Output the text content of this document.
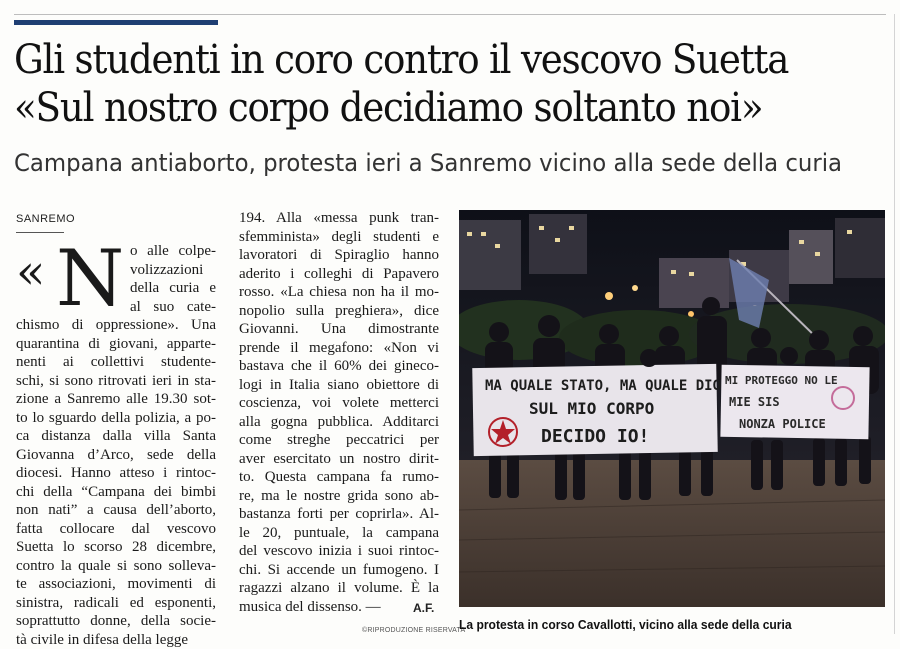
Gli studenti in coro contro il vescovo Suetta
«Sul nostro corpo decidiamo soltanto noi»
Campana antiaborto, protesta ieri a Sanremo vicino alla sede della curia
SANREMO
« N o alle colpe-
volizzazioni
della curia e
al suo cate-
chismo di oppressione». Una
quarantina di giovani, apparte-
nenti ai collettivi studente-
schi, si sono ritrovati ieri in sta-
zione a Sanremo alle 19.30 sot-
to lo sguardo della polizia, a po-
ca distanza dalla villa Santa
Giovanna d’Arco, sede della
diocesi. Hanno atteso i rintoc-
chi della “Campana dei bimbi
non nati” a causa dell’aborto,
fatta collocare dal vescovo
Suetta lo scorso 28 dicembre,
contro la quale si sono solleva-
te associazioni, movimenti di
sinistra, radicali ed esponenti,
soprattutto donne, della socie-
tà civile in difesa della legge
194. Alla «messa punk tran-
sfemminista» degli studenti e
lavoratori di Spiraglio hanno
aderito i colleghi di Papavero
rosso. «La chiesa non ha il mo-
nopolio sulla preghiera», dice
Giovanni. Una dimostrante
prende il megafono: «Non vi
bastava che il 60% dei gineco-
logi in Italia siano obiettore di
coscienza, voi volete metterci
alla gogna pubblica. Additarci
come streghe peccatrici per
aver esercitato un nostro dirit-
to. Questa campana fa rumo-
re, ma le nostre grida sono ab-
bastanza forti per coprirla». Al-
le 20, puntuale, la campana
del vescovo inizia i suoi rintoc-
chi. Si accende un fumogeno. I
ragazzi alzano il volume. È la
musica del dissenso. —	A.F.
©RIPRODUZIONE RISERVATA
MA QUALE STATO, MA QUALE DIO
SUL MIO CORPO
DECIDO IO!
MI PROTEGGO NO LE
MIE SIS
NONZA POLICE
La protesta in corso Cavallotti, vicino alla sede della curia
